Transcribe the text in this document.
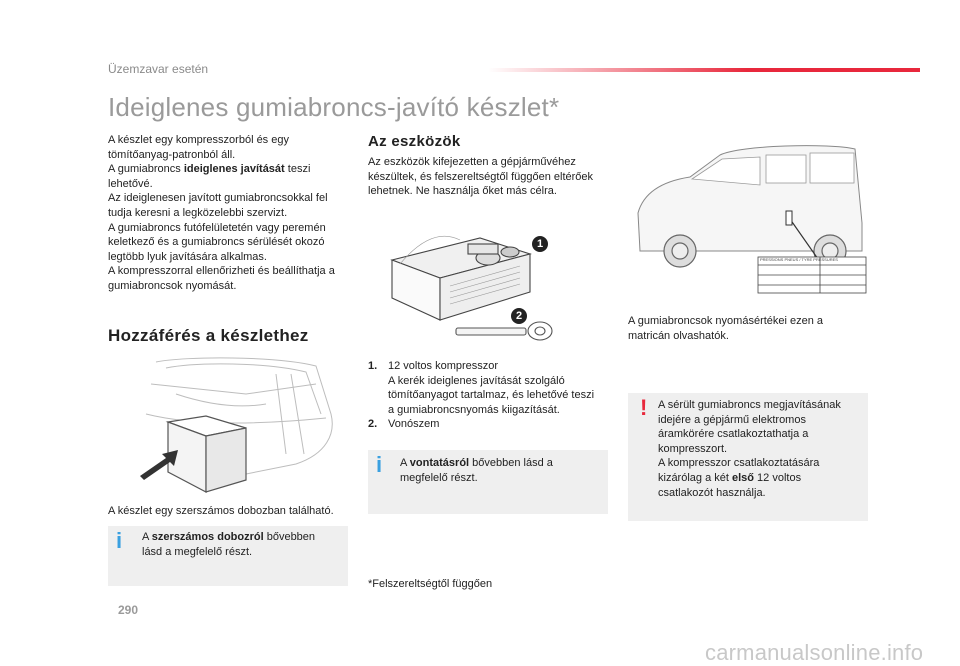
Üzemzavar esetén
Ideiglenes gumiabroncs-javító készlet*
A készlet egy kompresszorból és egy
tömítőanyag-patronból áll.
A gumiabroncs ideiglenes javítását teszi
lehetővé.
Az ideiglenesen javított gumiabroncsokkal fel
tudja keresni a legközelebbi szervizt.
A gumiabroncs futófelületetén vagy peremén
keletkező és a gumiabroncs sérülését okozó
legtöbb lyuk javítására alkalmas.
A kompresszorral ellenőrizheti és beállíthatja a
gumiabroncsok nyomását.
Hozzáférés a készlethez
A készlet egy szerszámos dobozban található.
i A szerszámos dobozról bővebben
lásd a megfelelő részt.
Az eszközök
Az eszközök kifejezetten a gépjárművéhez
készültek, és felszereltségtől függően eltérőek
lehetnek. Ne használja őket más célra.
1
2
1. 12 voltos kompresszor
A kerék ideiglenes javítását szolgáló
tömítőanyagot tartalmaz, és lehetővé teszi
a gumiabroncsnyomás kiigazítását.
2. Vonószem
i A vontatásról bővebben lásd a
megfelelő részt.
*Felszereltségtől függően
PRESSIONS PNEUS / TYRE PRESSURES
A gumiabroncsok nyomásértékei ezen a
matricán olvashatók.
! A sérült gumiabroncs megjavításának
idejére a gépjármű elektromos
áramkörére csatlakoztathatja a
kompresszort.
A kompresszor csatlakoztatására
kizárólag a két első 12 voltos
csatlakozót használja.
290
carmanualsonline.info
